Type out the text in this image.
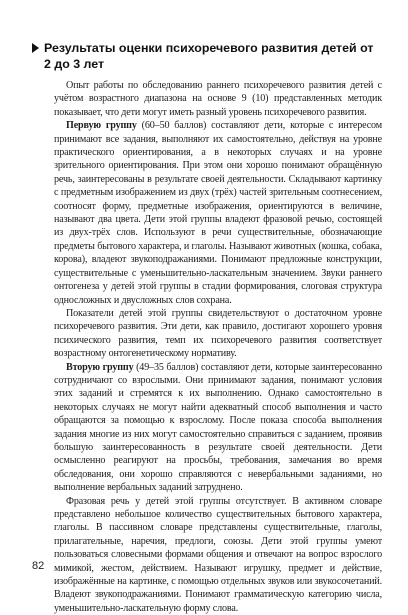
Результаты оценки психоречевого развития детей от 2 до 3 лет

Опыт работы по обследованию раннего психоречевого развития детей с учётом возрастного диапазона на основе 9 (10) представленных методик показывает, что дети могут иметь разный уровень психоречевого развития.

Первую группу (60–50 баллов) составляют дети, которые с интересом принимают все задания, выполняют их самостоятельно, действуя на уровне практического ориентирования, а в некоторых случаях и на уровне зрительного ориентирования. При этом они хорошо понимают обращённую речь, заинтересованы в результате своей деятельности. Складывают картинку с предметным изображением из двух (трёх) частей зрительным соотнесением, соотносят форму, предметные изображения, ориентируются в величине, называют два цвета. Дети этой группы владеют фразовой речью, состоящей из двух-трёх слов. Используют в речи существительные, обозначающие предметы бытового характера, и глаголы. Называют животных (кошка, собака, корова), владеют звукоподражаниями. Понимают предложные конструкции, существительные с уменьшительно-ласкательным значением. Звуки раннего онтогенеза у детей этой группы в стадии формирования, слоговая структура односложных и двусложных слов сохрана.

Показатели детей этой группы свидетельствуют о достаточном уровне психоречевого развития. Эти дети, как правило, достигают хорошего уровня психического развития, темп их психоречевого развития соответствует возрастному онтогенетическому нормативу.

Вторую группу (49–35 баллов) составляют дети, которые заинтересованно сотрудничают со взрослыми. Они принимают задания, понимают условия этих заданий и стремятся к их выполнению. Однако самостоятельно в некоторых случаях не могут найти адекватный способ выполнения и часто обращаются за помощью к взрослому. После показа способа выполнения задания многие из них могут самостоятельно справиться с заданием, проявив большую заинтересованность в результате своей деятельности. Дети осмысленно реагируют на просьбы, требования, замечания во время обследования, они хорошо справляются с невербальными заданиями, но выполнение вербальных заданий затруднено.

Фразовая речь у детей этой группы отсутствует. В активном словаре представлено небольшое количество существительных бытового характера, глаголы. В пассивном словаре представлены существительные, глаголы, прилагательные, наречия, предлоги, союзы. Дети этой группы умеют пользоваться словесными формами общения и отвечают на вопрос взрослого мимикой, жестом, действием. Называют игрушку, предмет и действие, изображённые на картинке, с помощью отдельных звуков или звукосочетаний. Владеют звукоподражаниями. Понимают грамматическую категорию числа, уменьшительно-ласкательную форму слова.

82
